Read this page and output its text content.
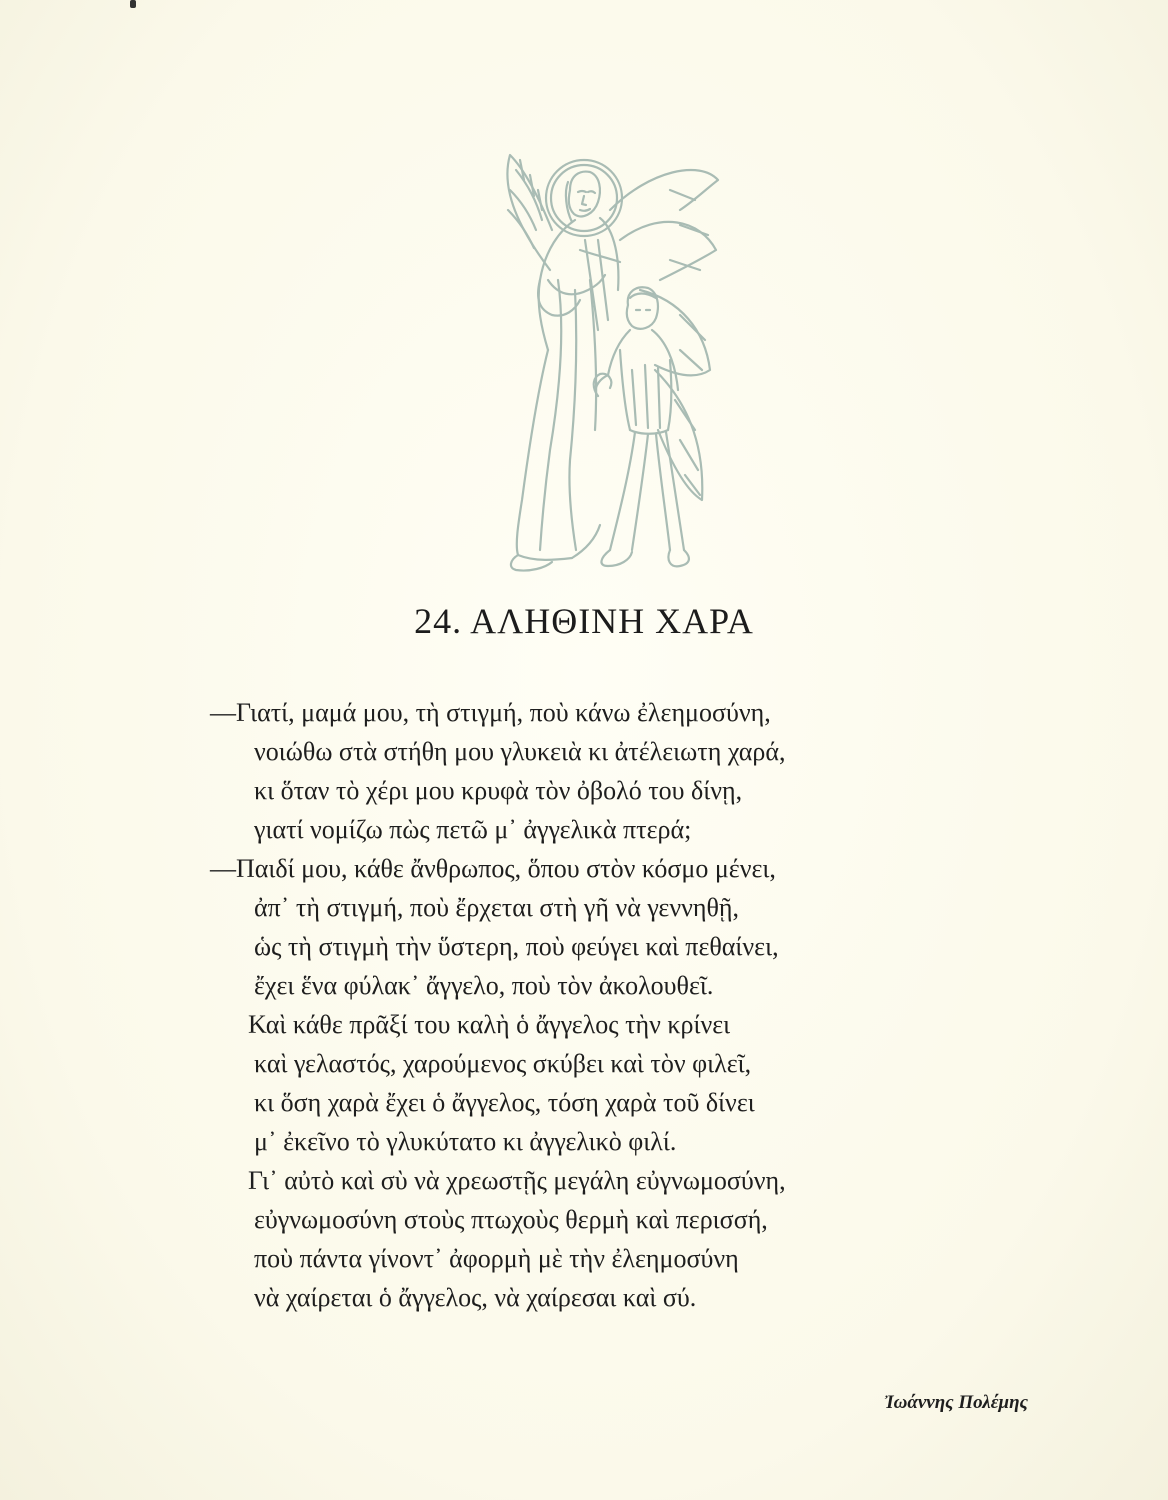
24. ΑΛΗΘΙΝΗ ΧΑΡΑ
—Γιατί, μαμά μου, τὴ στιγμή, ποὺ κάνω ἐλεημοσύνη,
νοιώθω στὰ στήθη μου γλυκειὰ κι ἀτέλειωτη χαρά,
κι ὅταν τὸ χέρι μου κρυφὰ τὸν ὀβολό του δίνῃ,
γιατί νομίζω πὼς πετῶ μ᾿ ἀγγελικὰ πτερά;
—Παιδί μου, κάθε ἄνθρωπος, ὅπου στὸν κόσμο μένει,
ἀπ᾿ τὴ στιγμή, ποὺ ἔρχεται στὴ γῆ νὰ γεννηθῇ,
ὡς τὴ στιγμὴ τὴν ὕστερη, ποὺ φεύγει καὶ πεθαίνει,
ἔχει ἕνα φύλακ᾿ ἄγγελο, ποὺ τὸν ἀκολουθεῖ.
Καὶ κάθε πρᾶξί του καλὴ ὁ ἄγγελος τὴν κρίνει
καὶ γελαστός, χαρούμενος σκύβει καὶ τὸν φιλεῖ,
κι ὅση χαρὰ ἔχει ὁ ἄγγελος, τόση χαρὰ τοῦ δίνει
μ᾿ ἐκεῖνο τὸ γλυκύτατο κι ἀγγελικὸ φιλί.
Γι᾿ αὐτὸ καὶ σὺ νὰ χρεωστῇς μεγάλη εὐγνωμοσύνη,
εὐγνωμοσύνη στοὺς πτωχοὺς θερμὴ καὶ περισσή,
ποὺ πάντα γίνοντ᾿ ἀφορμὴ μὲ τὴν ἐλεημοσύνη
νὰ χαίρεται ὁ ἄγγελος, νὰ χαίρεσαι καὶ σύ.
Ἰωάννης Πολέμης
